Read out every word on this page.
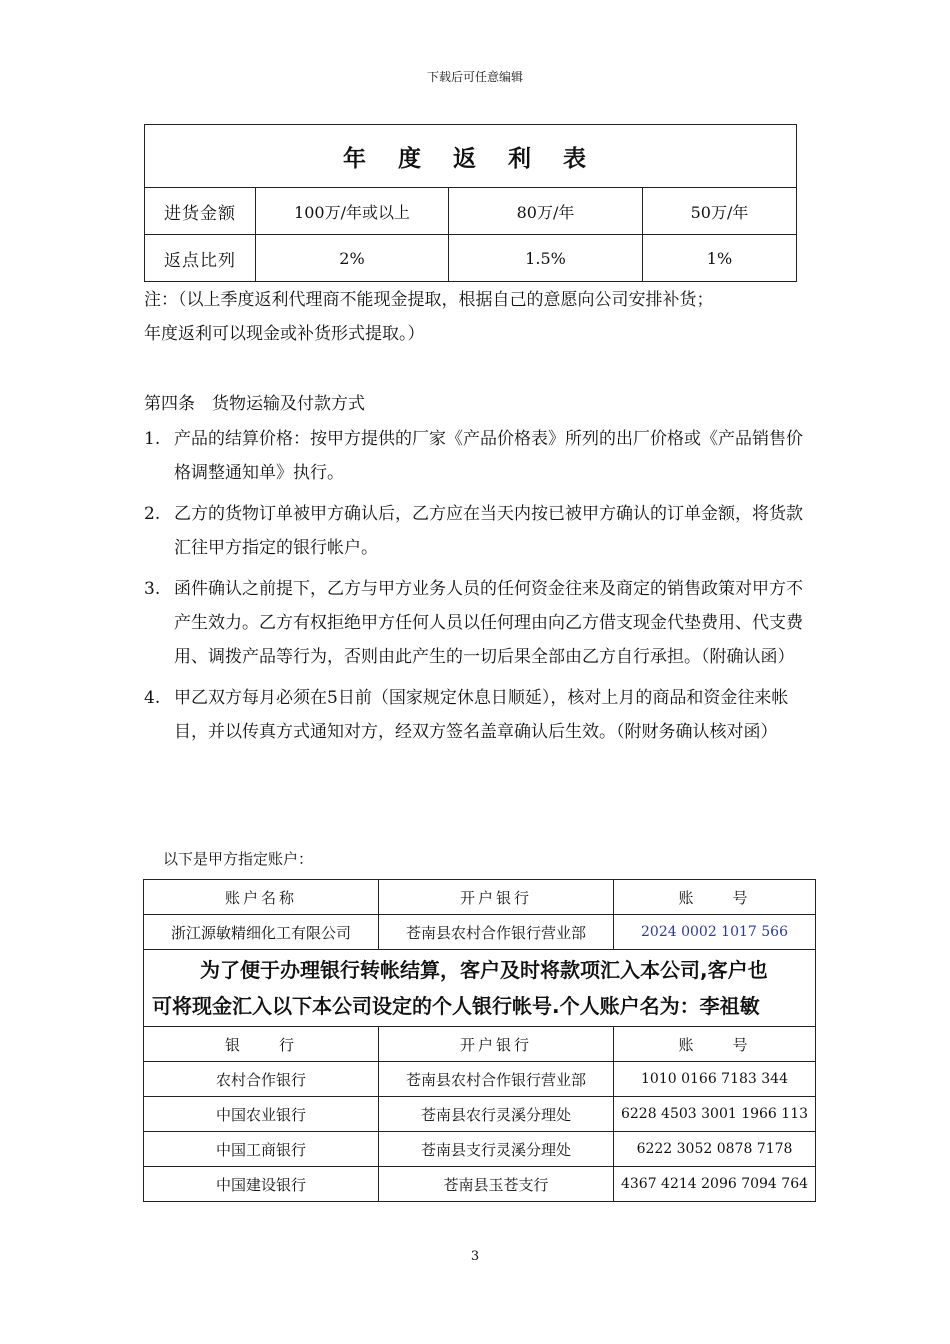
下载后可任意编辑
年 度 返 利 表			
进货金额	100万/年或以上	80万/年	50万/年
返点比列	2%	1.5%	1%
注：（以上季度返利代理商不能现金提取，根据自己的意愿向公司安排补货；
年度返利可以现金或补货形式提取。）
第四条　货物运输及付款方式
1. 产品的结算价格：按甲方提供的厂家《产品价格表》所列的出厂价格或《产品销售价格调整通知单》执行。
2. 乙方的货物订单被甲方确认后，乙方应在当天内按已被甲方确认的订单金额，将货款汇往甲方指定的银行帐户。
3. 函件确认之前提下，乙方与甲方业务人员的任何资金往来及商定的销售政策对甲方不产生效力。乙方有权拒绝甲方任何人员以任何理由向乙方借支现金代垫费用、代支费用、调拨产品等行为，否则由此产生的一切后果全部由乙方自行承担。（附确认函）
4. 甲乙双方每月必须在5日前（国家规定休息日顺延），核对上月的商品和资金往来帐目，并以传真方式通知对方，经双方签名盖章确认后生效。（附财务确认核对函）
以下是甲方指定账户：
账户名称	开户银行	账　　号
浙江源敏精细化工有限公司	苍南县农村合作银行营业部	2024 0002 1017 566
为了便于办理银行转帐结算，客户及时将款项汇入本公司,客户也
可将现金汇入以下本公司设定的个人银行帐号.个人账户名为：李祖敏		
银　　行	开户银行	账　　号
农村合作银行	苍南县农村合作银行营业部	1010 0166 7183 344
中国农业银行	苍南县农行灵溪分理处	6228 4503 3001 1966 113
中国工商银行	苍南县支行灵溪分理处	6222 3052 0878 7178
中国建设银行	苍南县玉苍支行	4367 4214 2096 7094 764
3
